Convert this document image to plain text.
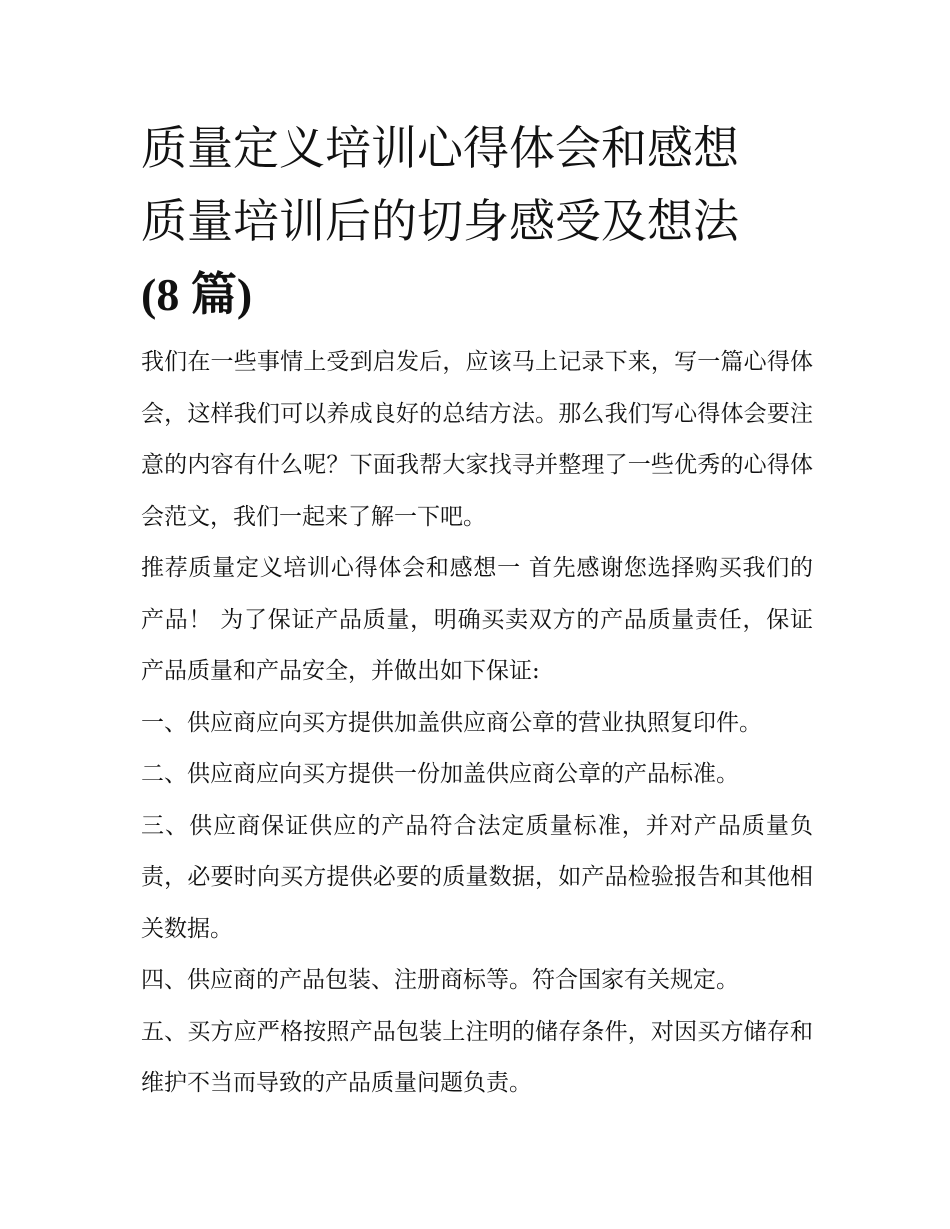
质量定义培训心得体会和感想
质量培训后的切身感受及想法
(8 篇)

我们在一些事情上受到启发后，应该马上记录下来，写一篇心得体会，这样我们可以养成良好的总结方法。那么我们写心得体会要注意的内容有什么呢？下面我帮大家找寻并整理了一些优秀的心得体会范文，我们一起来了解一下吧。

推荐质量定义培训心得体会和感想一 首先感谢您选择购买我们的产品！ 为了保证产品质量，明确买卖双方的产品质量责任，保证产品质量和产品安全，并做出如下保证:

一、供应商应向买方提供加盖供应商公章的营业执照复印件。

二、供应商应向买方提供一份加盖供应商公章的产品标准。

三、供应商保证供应的产品符合法定质量标准，并对产品质量负责，必要时向买方提供必要的质量数据，如产品检验报告和其他相关数据。

四、供应商的产品包装、注册商标等。符合国家有关规定。

五、买方应严格按照产品包装上注明的储存条件，对因买方储存和维护不当而导致的产品质量问题负责。
